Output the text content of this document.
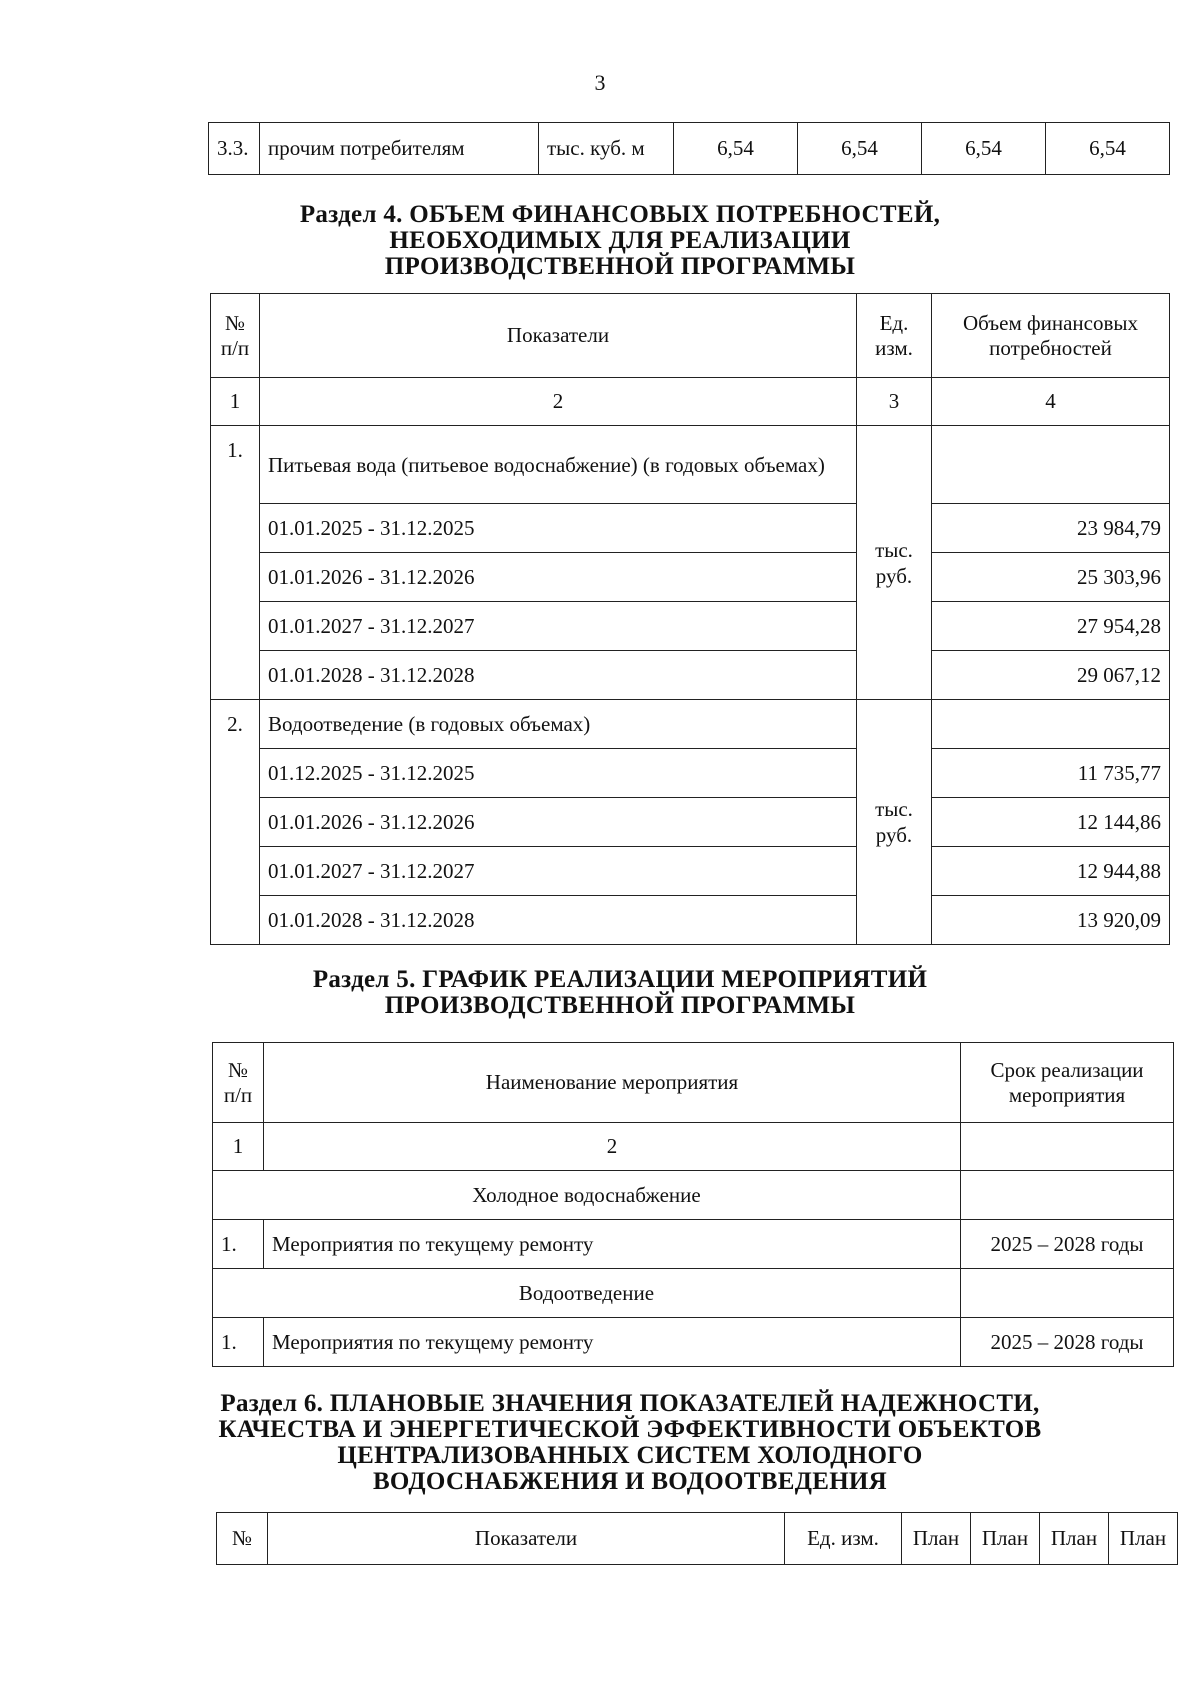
3
3.3.	прочим потребителям	тыс. куб. м	6,54	6,54	6,54	6,54
Раздел 4. ОБЪЕМ ФИНАНСОВЫХ ПОТРЕБНОСТЕЙ,
НЕОБХОДИМЫХ ДЛЯ РЕАЛИЗАЦИИ
ПРОИЗВОДСТВЕННОЙ ПРОГРАММЫ
№ п/п	Показатели	Ед. изм.	Объем финансовых потребностей
1	2	3	4
1.	Питьевая вода (питьевое водоснабжение) (в годовых объемах)	тыс.
руб.	
	01.01.2025 - 31.12.2025		23 984,79
	01.01.2026 - 31.12.2026		25 303,96
	01.01.2027 - 31.12.2027		27 954,28
	01.01.2028 - 31.12.2028		29 067,12
2.	Водоотведение (в годовых объемах)	тыс.
руб.	
	01.12.2025 - 31.12.2025		11 735,77
	01.01.2026 - 31.12.2026		12 144,86
	01.01.2027 - 31.12.2027		12 944,88
	01.01.2028 - 31.12.2028		13 920,09
Раздел 5. ГРАФИК РЕАЛИЗАЦИИ МЕРОПРИЯТИЙ
ПРОИЗВОДСТВЕННОЙ ПРОГРАММЫ
№ п/п	Наименование мероприятия	Срок реализации мероприятия
1	2	
Холодное водоснабжение		
1.	Мероприятия по текущему ремонту	2025 – 2028 годы
Водоотведение		
1.	Мероприятия по текущему ремонту	2025 – 2028 годы
Раздел 6. ПЛАНОВЫЕ ЗНАЧЕНИЯ ПОКАЗАТЕЛЕЙ НАДЕЖНОСТИ,
КАЧЕСТВА И ЭНЕРГЕТИЧЕСКОЙ ЭФФЕКТИВНОСТИ ОБЪЕКТОВ
ЦЕНТРАЛИЗОВАННЫХ СИСТЕМ ХОЛОДНОГО
ВОДОСНАБЖЕНИЯ И ВОДООТВЕДЕНИЯ
№	Показатели	Ед. изм.	План	План	План	План
